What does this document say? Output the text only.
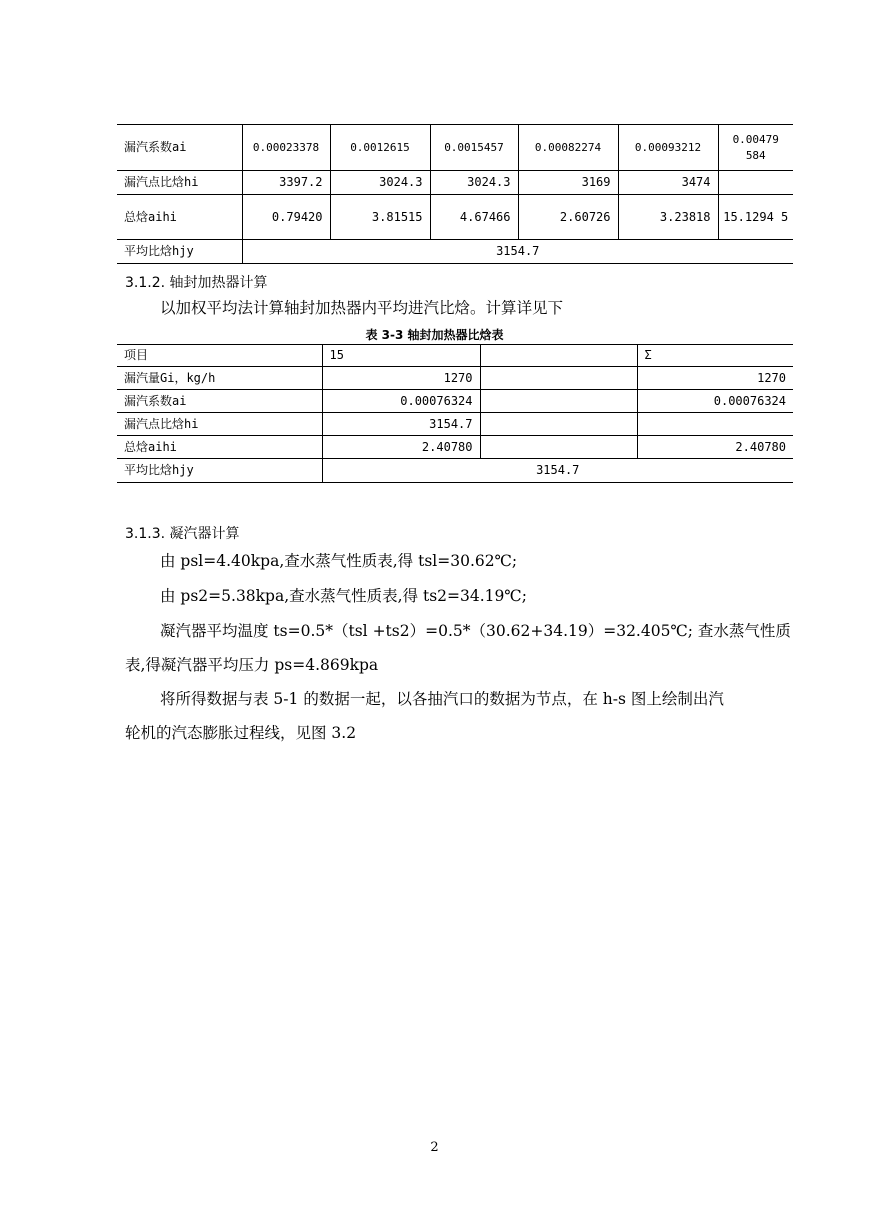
漏汽系数ai	0.00023378	0.0012615	0.0015457	0.00082274	0.00093212	0.00479 584
漏汽点比焓hi	3397.2	3024.3	3024.3	3169	3474	
总焓aihi	0.79420	3.81515	4.67466	2.60726	3.23818	15.1294 5
平均比焓hjy	3154.7					
3.1.2. 轴封加热器计算
以加权平均法计算轴封加热器内平均进汽比焓。计算详见下
表 3-3 轴封加热器比焓表
项目	15		Σ
漏汽量Gi，kg/h	1270		1270
漏汽系数ai	0.00076324		0.00076324
漏汽点比焓hi	3154.7		
总焓aihi	2.40780		2.40780
平均比焓hjy	3154.7		
3.1.3. 凝汽器计算
由 psl=4.40kpa,查水蒸气性质表,得 tsl=30.62℃;
由 ps2=5.38kpa,查水蒸气性质表,得 ts2=34.19℃;
凝汽器平均温度 ts=0.5*（tsl +ts2）=0.5*（30.62+34.19）=32.405℃; 查水蒸气性质
表,得凝汽器平均压力 ps=4.869kpa
将所得数据与表 5-1 的数据一起，以各抽汽口的数据为节点，在 h-s 图上绘制出汽
轮机的汽态膨胀过程线，见图 3.2
2
